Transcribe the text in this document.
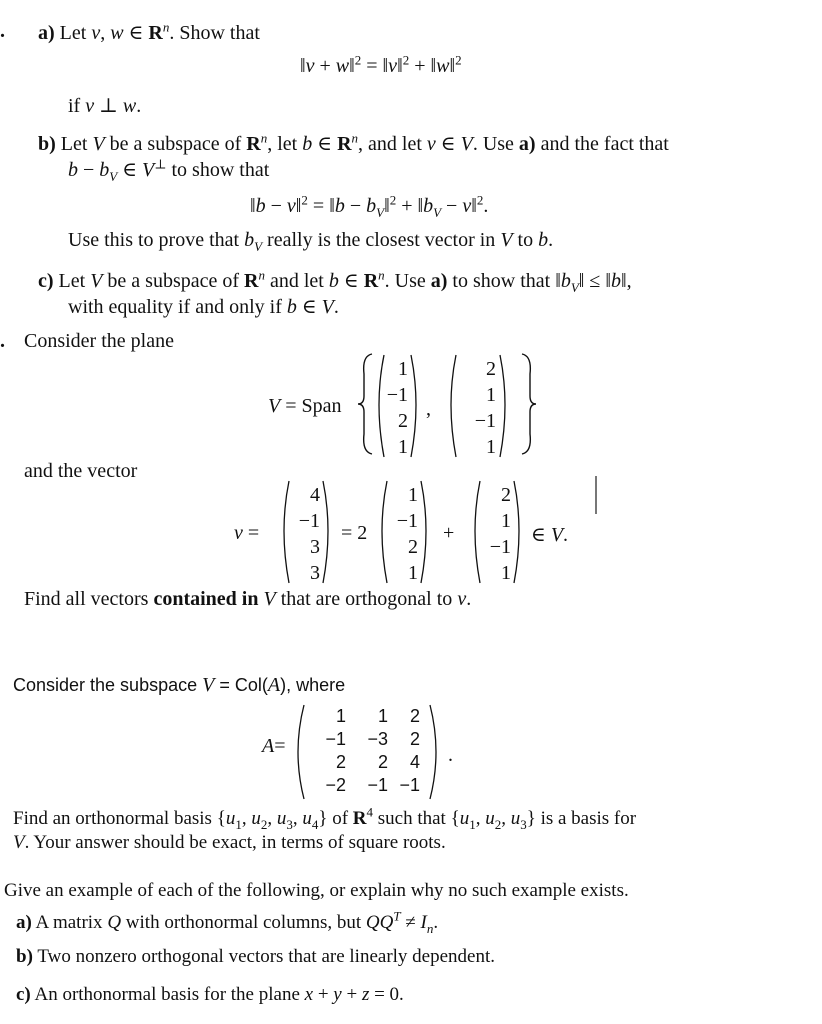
. a) Let v, w ∈ $R^n$. Show that
‖v + w‖$^2$ = ‖v‖$^2$ + ‖w‖$^2$
if v ⊥ w.
b) Let V be a subspace of $R^n$, let b ∈ $R^n$, and let v ∈ V. Use a) and the fact that
$b - b_V$ ∈ V⊥ to show that
‖b − v‖$^2$ = ‖b − $b_V‖^2$ + $‖b_V$ − v‖$^2$.
Use this to prove that $b_V$ really is the closest vector in V to b.
c) Let V be a subspace of $R^n$ and let b ∈ $R^n$. Use a) to show that $‖b_V‖$ ≤ ‖b‖,
with equality if and only if b ∈ V.
. Consider the plane
V = Span
1
−1
2
1
,
2
1
−1
1
and the vector
v =
4
−1
3
3
= 2
1
−1
2
1
+
2
1
−1
1
∈ V.
Find all vectors contained in V that are orthogonal to v.
Consider the subspace V = Col(A), where
A=
1	1	2
−1	−3	2
2	2	4
−2	−1 −1
.
Find an orthonormal basis {$u_1$, $u_2$, $u_3$, $u_4$} of $R^4$ such that {$u_1$, $u_2$, $u_3$} is a basis for
V. Your answer should be exact, in terms of square roots.
Give an example of each of the following, or explain why no such example exists.
a) A matrix Q with orthonormal columns, but $QQ^T \ne I_n$.
b) Two nonzero orthogonal vectors that are linearly dependent.
c) An orthonormal basis for the plane x + y + z = 0.
